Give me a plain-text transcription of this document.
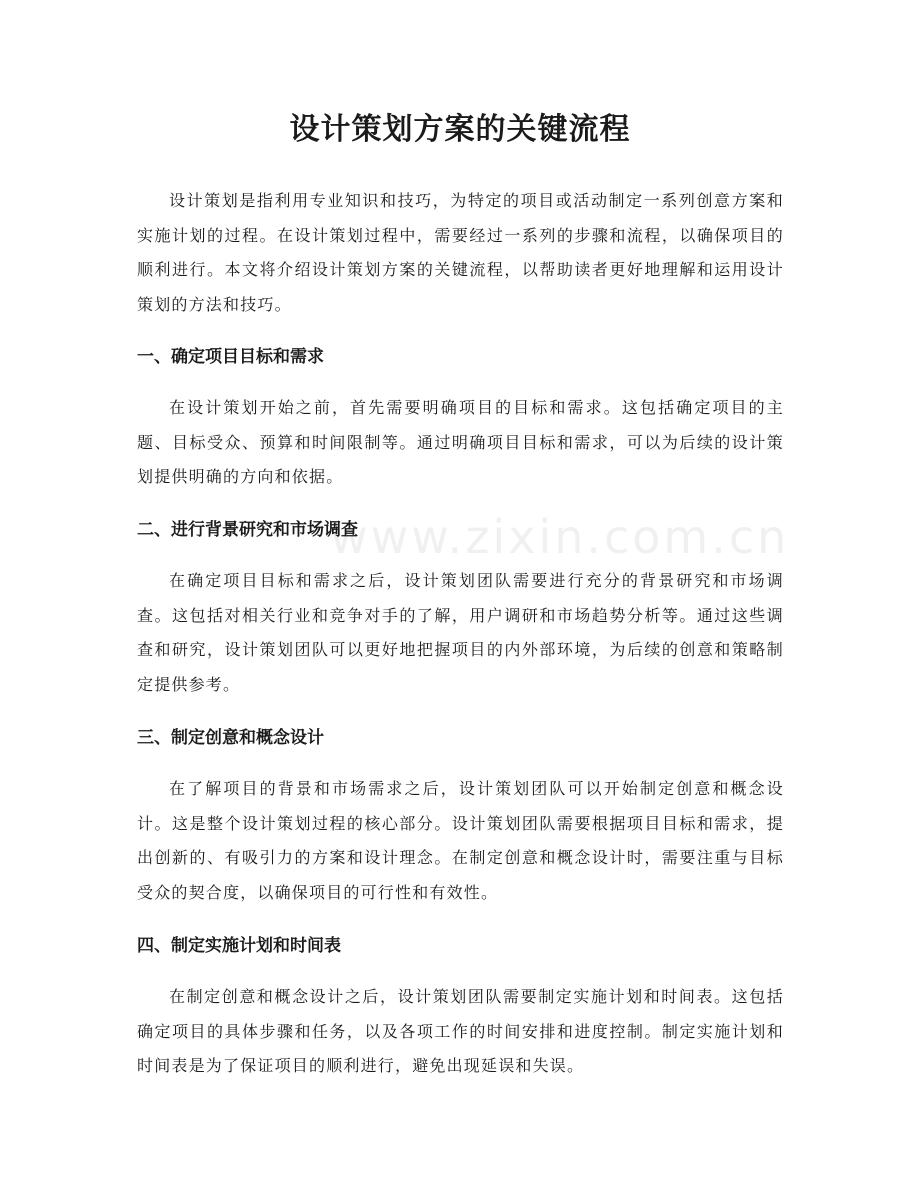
设计策划方案的关键流程

设计策划是指利用专业知识和技巧，为特定的项目或活动制定一系列创意方案和实施计划的过程。在设计策划过程中，需要经过一系列的步骤和流程，以确保项目的顺利进行。本文将介绍设计策划方案的关键流程，以帮助读者更好地理解和运用设计策划的方法和技巧。

一、确定项目目标和需求

在设计策划开始之前，首先需要明确项目的目标和需求。这包括确定项目的主题、目标受众、预算和时间限制等。通过明确项目目标和需求，可以为后续的设计策划提供明确的方向和依据。

二、进行背景研究和市场调查

在确定项目目标和需求之后，设计策划团队需要进行充分的背景研究和市场调查。这包括对相关行业和竞争对手的了解，用户调研和市场趋势分析等。通过这些调查和研究，设计策划团队可以更好地把握项目的内外部环境，为后续的创意和策略制定提供参考。

三、制定创意和概念设计

在了解项目的背景和市场需求之后，设计策划团队可以开始制定创意和概念设计。这是整个设计策划过程的核心部分。设计策划团队需要根据项目目标和需求，提出创新的、有吸引力的方案和设计理念。在制定创意和概念设计时，需要注重与目标受众的契合度，以确保项目的可行性和有效性。

四、制定实施计划和时间表

在制定创意和概念设计之后，设计策划团队需要制定实施计划和时间表。这包括确定项目的具体步骤和任务，以及各项工作的时间安排和进度控制。制定实施计划和时间表是为了保证项目的顺利进行，避免出现延误和失误。

www.zixin.com.cn
